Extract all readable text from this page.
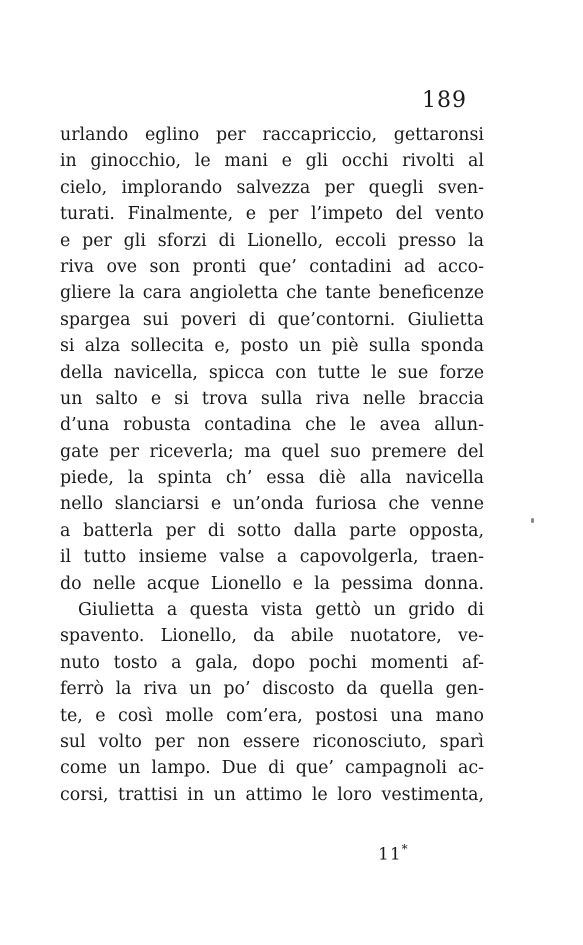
189
urlando eglino per raccapriccio, gettaronsi
in ginocchio, le mani e gli occhi rivolti al
cielo, implorando salvezza per quegli sven-
turati. Finalmente, e per l’impeto del vento
e per gli sforzi di Lionello, eccoli presso la
riva ove son pronti que’ contadini ad acco-
gliere la cara angioletta che tante beneficenze
spargea sui poveri di que’contorni. Giulietta
si alza sollecita e, posto un piè sulla sponda
della navicella, spicca con tutte le sue forze
un salto e si trova sulla riva nelle braccia
d’una robusta contadina che le avea allun-
gate per riceverla; ma quel suo premere del
piede, la spinta ch’ essa diè alla navicella
nello slanciarsi e un’onda furiosa che venne
a batterla per di sotto dalla parte opposta,
il tutto insieme valse a capovolgerla, traen-
do nelle acque Lionello e la pessima donna.
Giulietta a questa vista gettò un grido di
spavento. Lionello, da abile nuotatore, ve-
nuto tosto a gala, dopo pochi momenti af-
ferrò la riva un po’ discosto da quella gen-
te, e così molle com’era, postosi una mano
sul volto per non essere riconosciuto, sparì
come un lampo. Due di que’ campagnoli ac-
corsi, trattisi in un attimo le loro vestimenta,
11*
